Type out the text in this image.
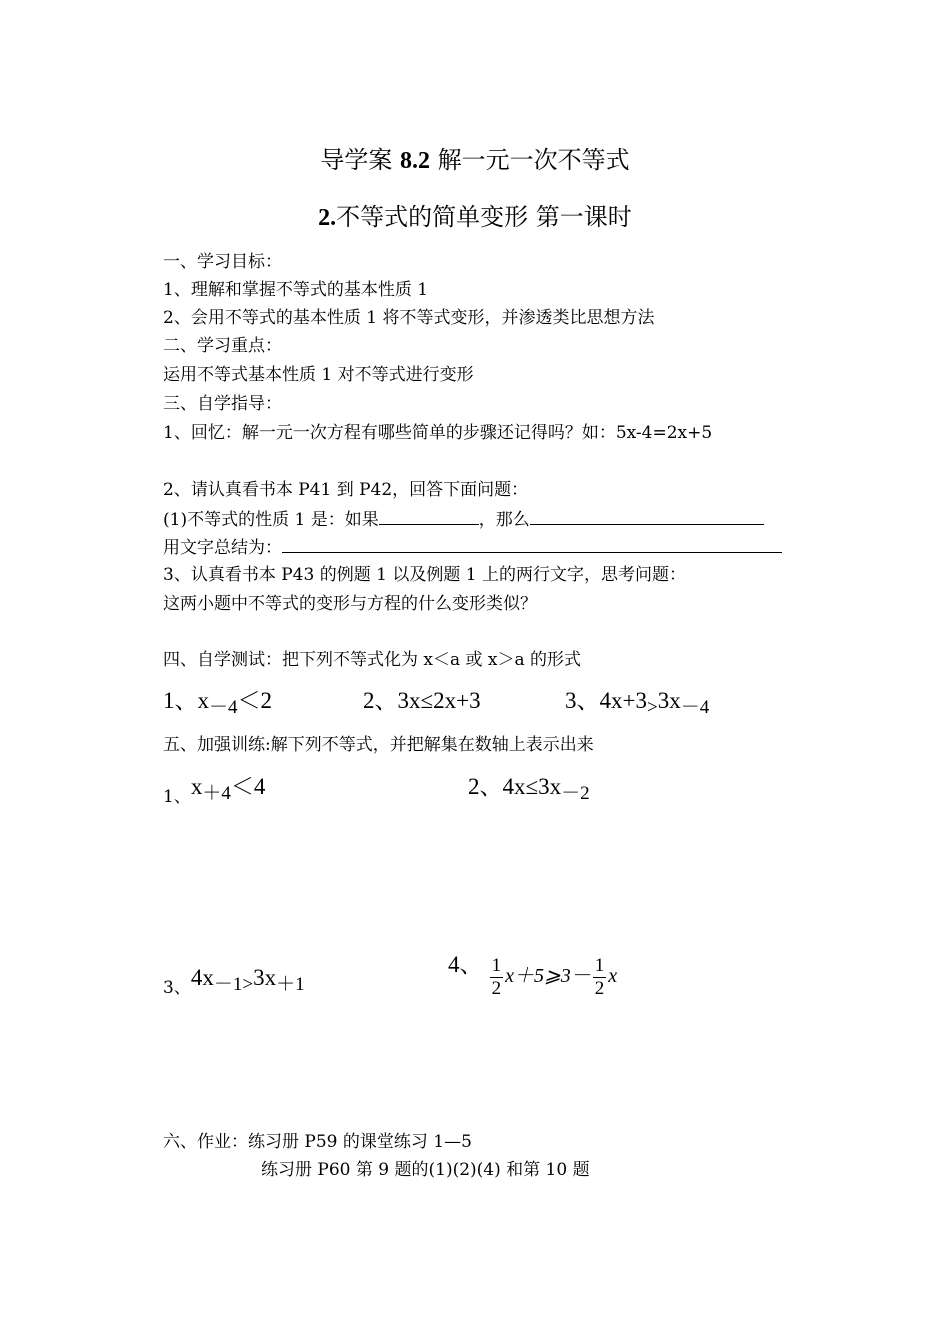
导学案 8.2 解一元一次不等式
2.不等式的简单变形 第一课时
一、学习目标：
1、理解和掌握不等式的基本性质 1
2、会用不等式的基本性质 1 将不等式变形，并渗透类比思想方法
二、学习重点：
运用不等式基本性质 1 对不等式进行变形
三、自学指导：
1、回忆：解一元一次方程有哪些简单的步骤还记得吗？如：5x-4=2x+5
2、请认真看书本 P41 到 P42，回答下面问题：
(1)不等式的性质 1 是：如果	，那么
用文字总结为：
3、认真看书本 P43 的例题 1 以及例题 1 上的两行文字，思考问题：
这两小题中不等式的变形与方程的什么变形类似？
四、自学测试：把下列不等式化为 x＜a 或 x＞a 的形式
1、$x_{-4}<2$	2、3x≤2x+3	3、$4x+3_>3x_{-4}$
五、加强训练:解下列不等式，并把解集在数轴上表示出来
1、x＋4＜4	2、$4x\le 3x_{-2}$
3、4x－1>3x＋1
4、 $\frac{1}{2}$ x＋5⩾3－ $\frac{1}{2}$ x
六、作业：练习册 P59 的课堂练习 1—5
练习册 P60 第 9 题的(1)(2)(4) 和第 10 题
